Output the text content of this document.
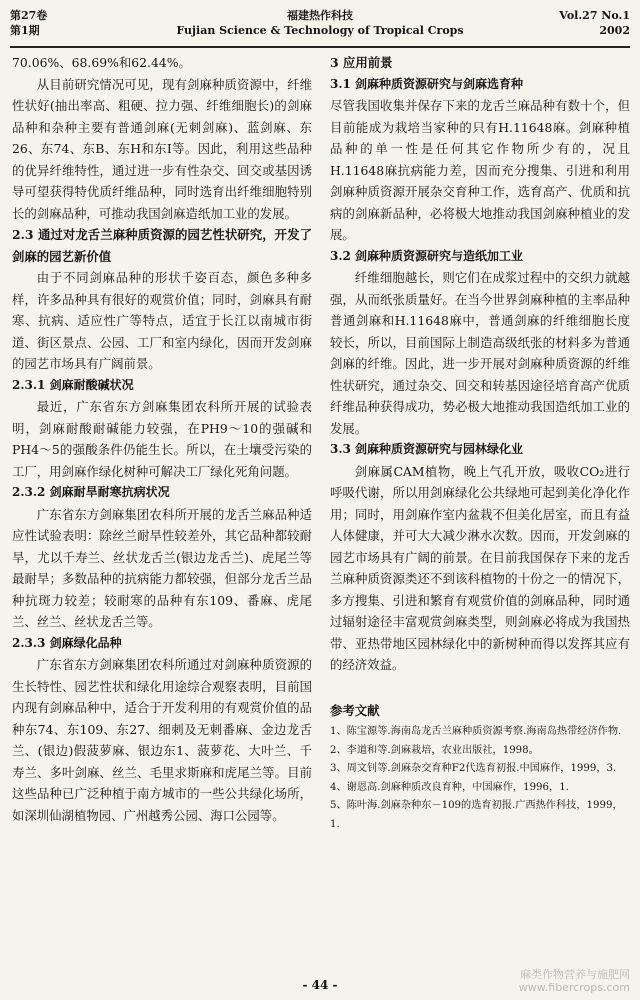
第27卷
第1期
福建热作科技
Fujian Science & Technology of Tropical Crops
Vol.27 No.1
2002

70.06%、68.69%和62.44%。

从目前研究情况可见，现有剑麻种质资源中，纤维性状好(抽出率高、粗硬、拉力强、纤维细胞长)的剑麻品种和杂种主要有普通剑麻(无刺剑麻)、蓝剑麻、东26、东74、东B、东H和东I等。因此，利用这些品种的优异纤维特性，通过进一步有性杂交、回交或基因诱导可望获得特优质纤维品种，同时选育出纤维细胞特别长的剑麻品种，可推动我国剑麻造纸加工业的发展。

2.3 通过对龙舌兰麻种质资源的园艺性状研究，开发了剑麻的园艺新价值

由于不同剑麻品种的形状千姿百态，颜色多种多样，许多品种具有很好的观赏价值；同时，剑麻具有耐寒、抗病、适应性广等特点，适宜于长江以南城市街道、街区景点、公园、工厂和室内绿化，因而开发剑麻的园艺市场具有广阔前景。

2.3.1 剑麻耐酸碱状况

最近，广东省东方剑麻集团农科所开展的试验表明，剑麻耐酸耐碱能力较强，在PH9～10的强碱和PH4～5的强酸条件仍能生长。所以，在土壤受污染的工厂，用剑麻作绿化树种可解决工厂绿化死角问题。

2.3.2 剑麻耐旱耐寒抗病状况

广东省东方剑麻集团农科所开展的龙舌兰麻品种适应性试验表明：除丝兰耐旱性较差外，其它品种都较耐旱，尤以千寿兰、丝状龙舌兰(银边龙舌兰)、虎尾兰等最耐旱；多数品种的抗病能力都较强，但部分龙舌兰品种抗斑力较差；较耐寒的品种有东109、番麻、虎尾兰、丝兰、丝状龙舌兰等。

2.3.3 剑麻绿化品种

广东省东方剑麻集团农科所通过对剑麻种质资源的生长特性、园艺性状和绿化用途综合观察表明，目前国内现有剑麻品种中，适合于开发利用的有观赏价值的品种东74、东109、东27、细刺及无刺番麻、金边龙舌兰、(银边)假菠萝麻、银边东1、菠萝花、大叶兰、千寿兰、多叶剑麻、丝兰、毛里求斯麻和虎尾兰等。目前这些品种已广泛种植于南方城市的一些公共绿化场所，如深圳仙湖植物园、广州越秀公园、海口公园等。

3 应用前景

3.1 剑麻种质资源研究与剑麻选育种

尽管我国收集并保存下来的龙舌兰麻品种有数十个，但目前能成为栽培当家种的只有H.11648麻。剑麻种植品种的单一性是任何其它作物所少有的，况且H.11648麻抗病能力差，因而充分搜集、引进和利用剑麻种质资源开展杂交育种工作，选育高产、优质和抗病的剑麻新品种，必将极大地推动我国剑麻种植业的发展。

3.2 剑麻种质资源研究与造纸加工业

纤维细胞越长，则它们在成浆过程中的交织力就越强，从而纸张质量好。在当今世界剑麻种植的主率品种普通剑麻和H.11648麻中，普通剑麻的纤维细胞长度较长，所以，目前国际上制造高级纸张的材料多为普通剑麻的纤维。因此，进一步开展对剑麻种质资源的纤维性状研究，通过杂交、回交和转基因途径培育高产优质纤维品种获得成功，势必极大地推动我国造纸加工业的发展。

3.3 剑麻种质资源研究与园林绿化业

剑麻属CAM植物，晚上气孔开放，吸收CO₂进行呼吸代谢，所以用剑麻绿化公共绿地可起到美化净化作用；同时，用剑麻作室内盆栽不但美化居室，而且有益人体健康，并可大大减少淋水次数。因而，开发剑麻的园艺市场具有广阔的前景。在目前我国保存下来的龙舌兰麻种质资源类还不到该科植物的十份之一的情况下，多方搜集、引进和繁育有观赏价值的剑麻品种，同时通过辐射途径丰富观赏剑麻类型，则剑麻必将成为我国热带、亚热带地区园林绿化中的新树种而得以发挥其应有的经济效益。

参考文献

1、陈宝源等.海南岛龙舌兰麻种质资源考察.海南岛热带经济作物.

2、李道和等.剑麻栽培，农业出版社，1998。

3、周文钊等.剑麻杂交育种F2代选育初报.中国麻作，1999，3.

4、谢恩高.剑麻种质改良育种，中国麻作，1996，1.

5、陈叶海.剑麻杂种东－109的选育初报.广西热作科技，1999，1.

- 44 -
麻类作物营养与施肥网
www.fibercrops.com
